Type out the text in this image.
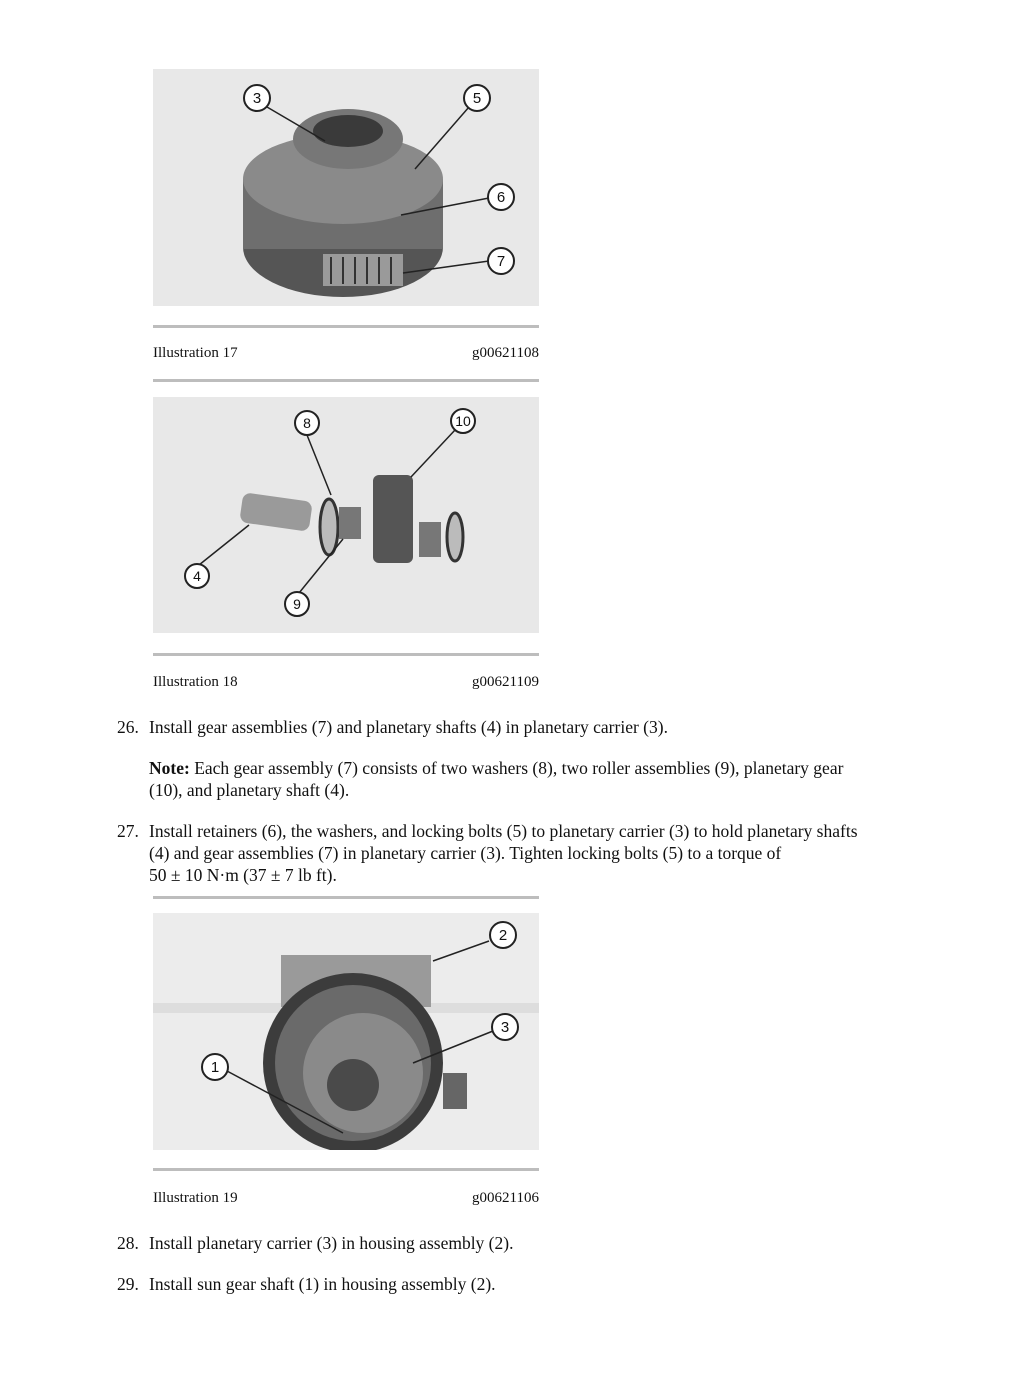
3	5
6
7
Illustration 17	g00621108
8	10
4
9
Illustration 18	g00621109
26. Install gear assemblies (7) and planetary shafts (4) in planetary carrier (3).
Note: Each gear assembly (7) consists of two washers (8), two roller assemblies (9), planetary gear
(10), and planetary shaft (4).
27. Install retainers (6), the washers, and locking bolts (5) to planetary carrier (3) to hold planetary shafts
(4) and gear assemblies (7) in planetary carrier (3). Tighten locking bolts (5) to a torque of
50 ± 10 N·m (37 ± 7 lb ft).
2
3
1
Illustration 19	g00621106
28. Install planetary carrier (3) in housing assembly (2).
29. Install sun gear shaft (1) in housing assembly (2).
